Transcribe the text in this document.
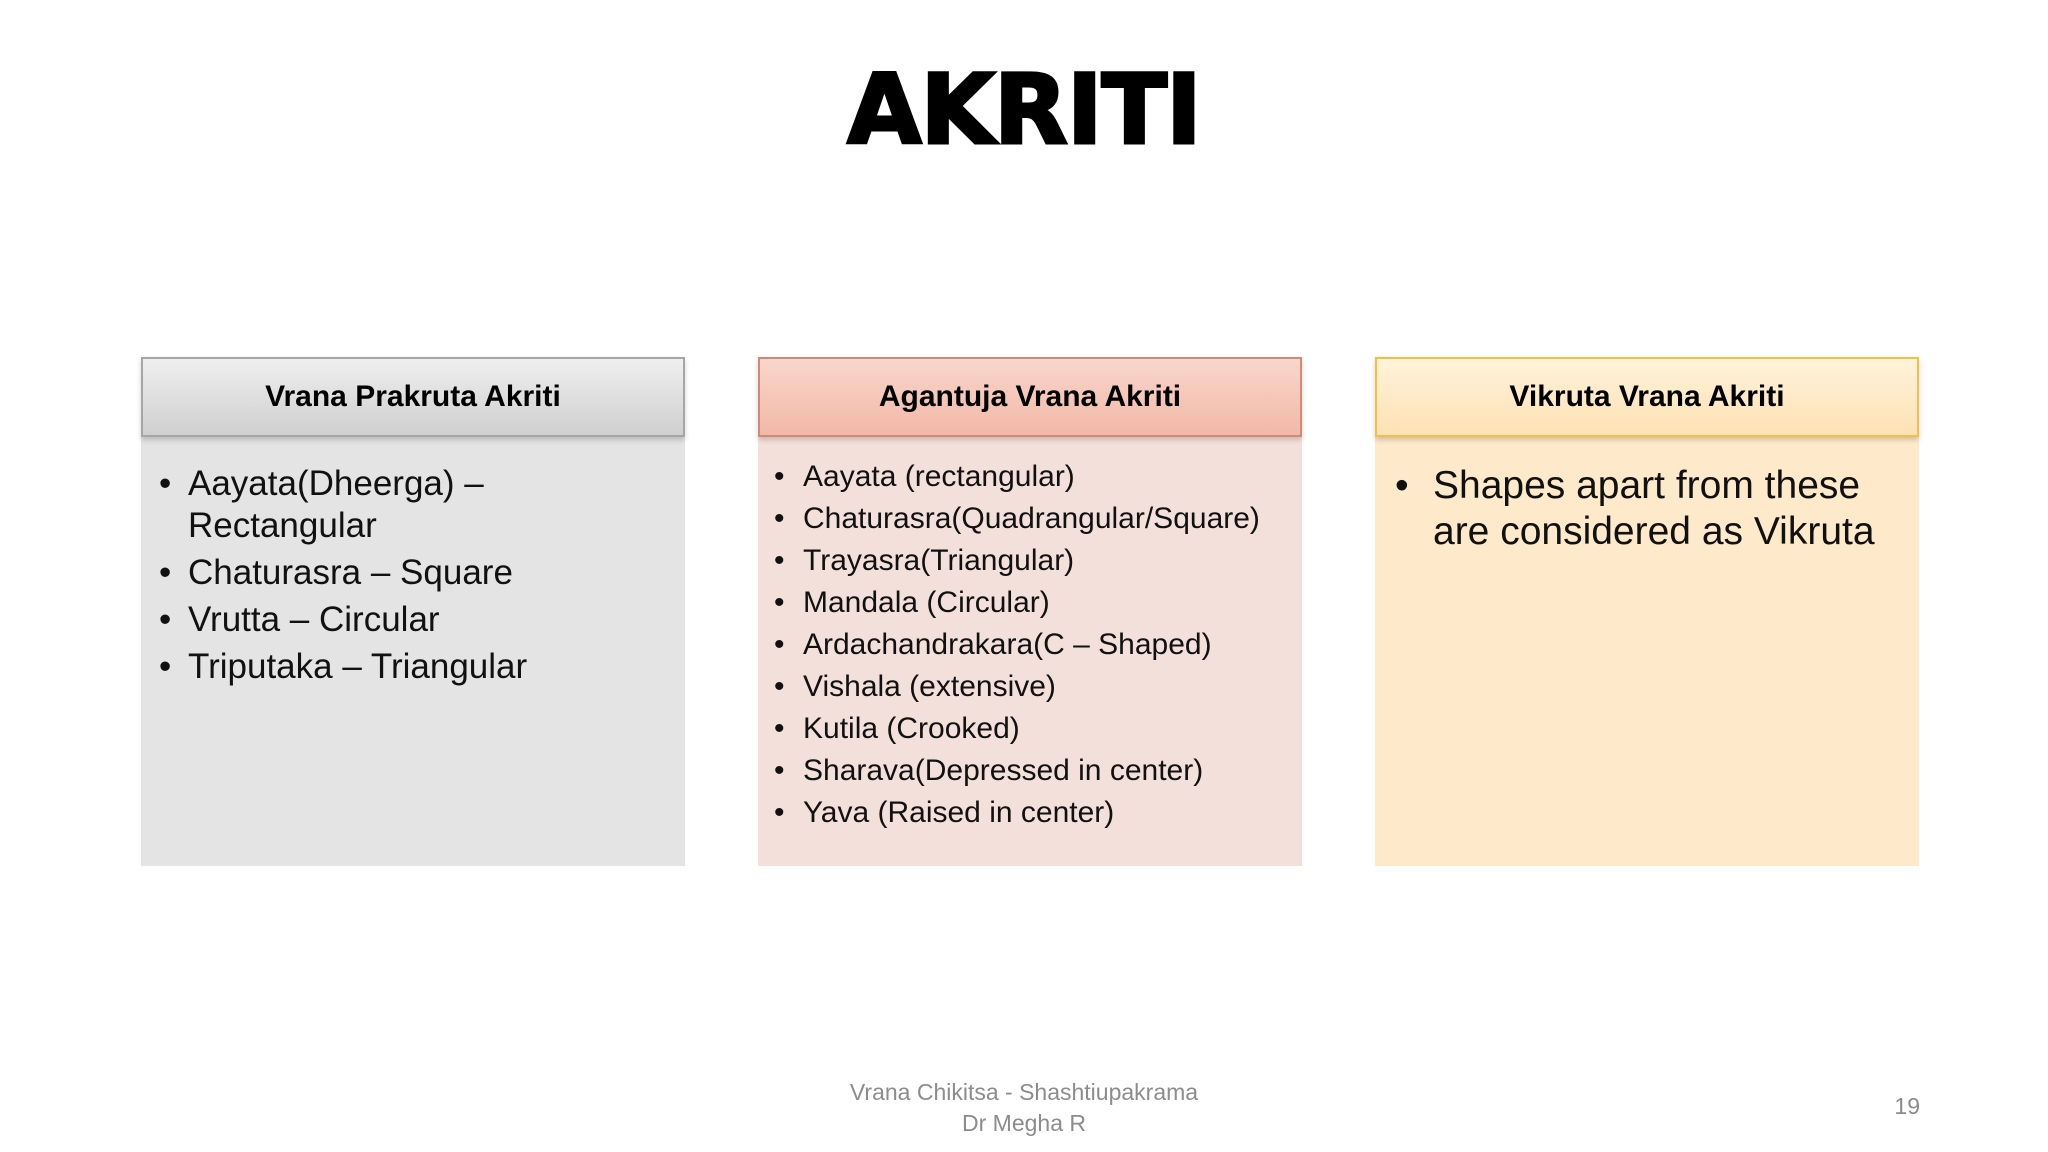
AKRITI
Vrana Prakruta Akriti
• Aayata(Dheerga) – Rectangular
• Chaturasra – Square
• Vrutta – Circular
• Triputaka – Triangular
Agantuja Vrana Akriti
• Aayata (rectangular)
• Chaturasra(Quadrangular/Square)
• Trayasra(Triangular)
• Mandala (Circular)
• Ardachandrakara(C – Shaped)
• Vishala (extensive)
• Kutila (Crooked)
• Sharava(Depressed in center)
• Yava (Raised in center)
Vikruta Vrana Akriti
• Shapes apart from these are considered as Vikruta
Vrana Chikitsa - Shashtiupakrama
Dr Megha R
19
